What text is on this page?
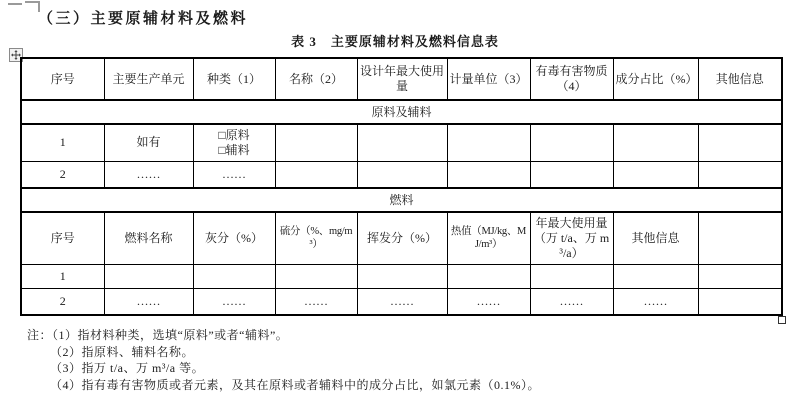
（三）主要原辅材料及燃料
表 3　主要原辅材料及燃料信息表
序号	主要生产单元	种类（1）	名称（2）	设计年最大使用量	计量单位（3）	有毒有害物质（4）	成分占比（%）	其他信息
原料及辅料								
1	如有	□原料
□辅料						
2	……	……						
燃料								
序号	燃料名称	灰分（%）	硫分（%、mg/m³）	挥发分（%）	热值（MJ/kg、MJ/m³）	年最大使用量（万 t/a、万 m³/a）	其他信息	
1								
2	……	……	……	……	……	……	……	
注：（1）指材料种类，选填“原料”或者“辅料”。
（2）指原料、辅料名称。
（3）指万 t/a、万 m³/a 等。
（4）指有毒有害物质或者元素，及其在原料或者辅料中的成分占比，如氯元素（0.1%）。
